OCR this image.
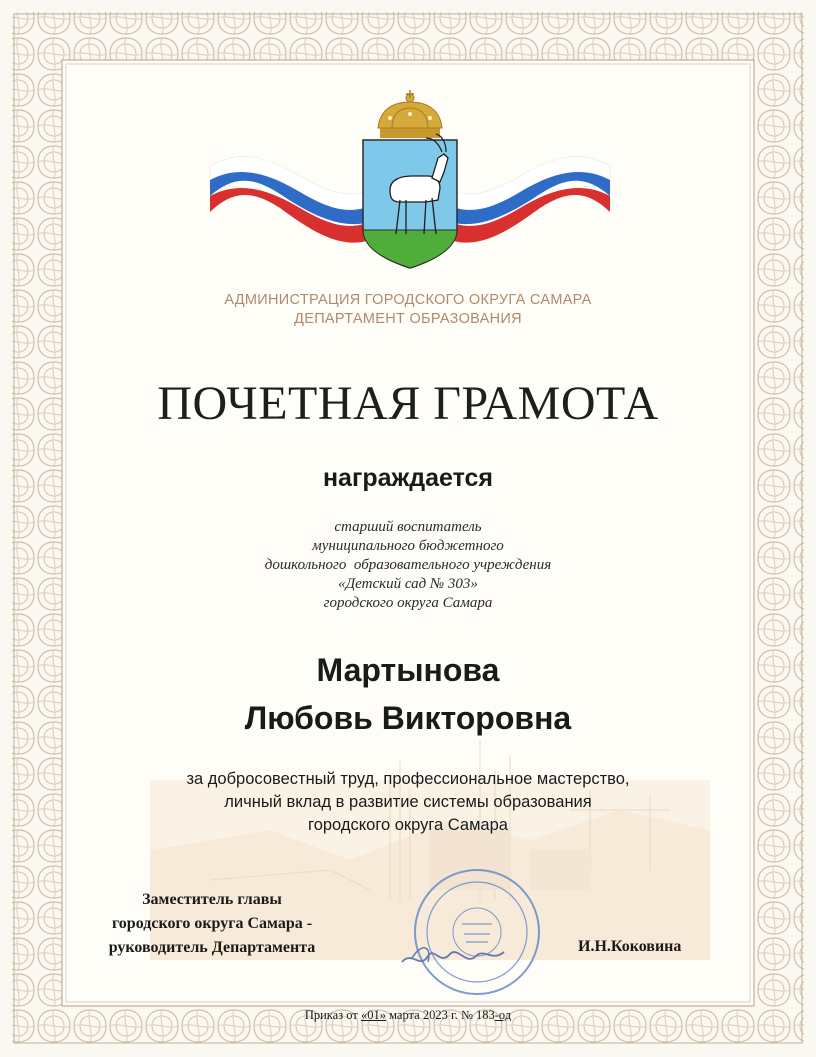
АДМИНИСТРАЦИЯ ГОРОДСКОГО ОКРУГА САМАРА
ДЕПАРТАМЕНТ ОБРАЗОВАНИЯ
ПОЧЕТНАЯ ГРАМОТА
награждается
старший воспитатель
муниципального бюджетного
дошкольного  образовательного учреждения
«Детский сад № 303»
городского округа Самара
Мартынова
Любовь Викторовна
за добросовестный труд, профессиональное мастерство,
личный вклад в развитие системы образования
городского округа Самара
Заместитель главы
городского округа Самара -
руководитель Департамента	И.Н.Коковина
Приказ от «01» марта 2023 г. № 183-од
